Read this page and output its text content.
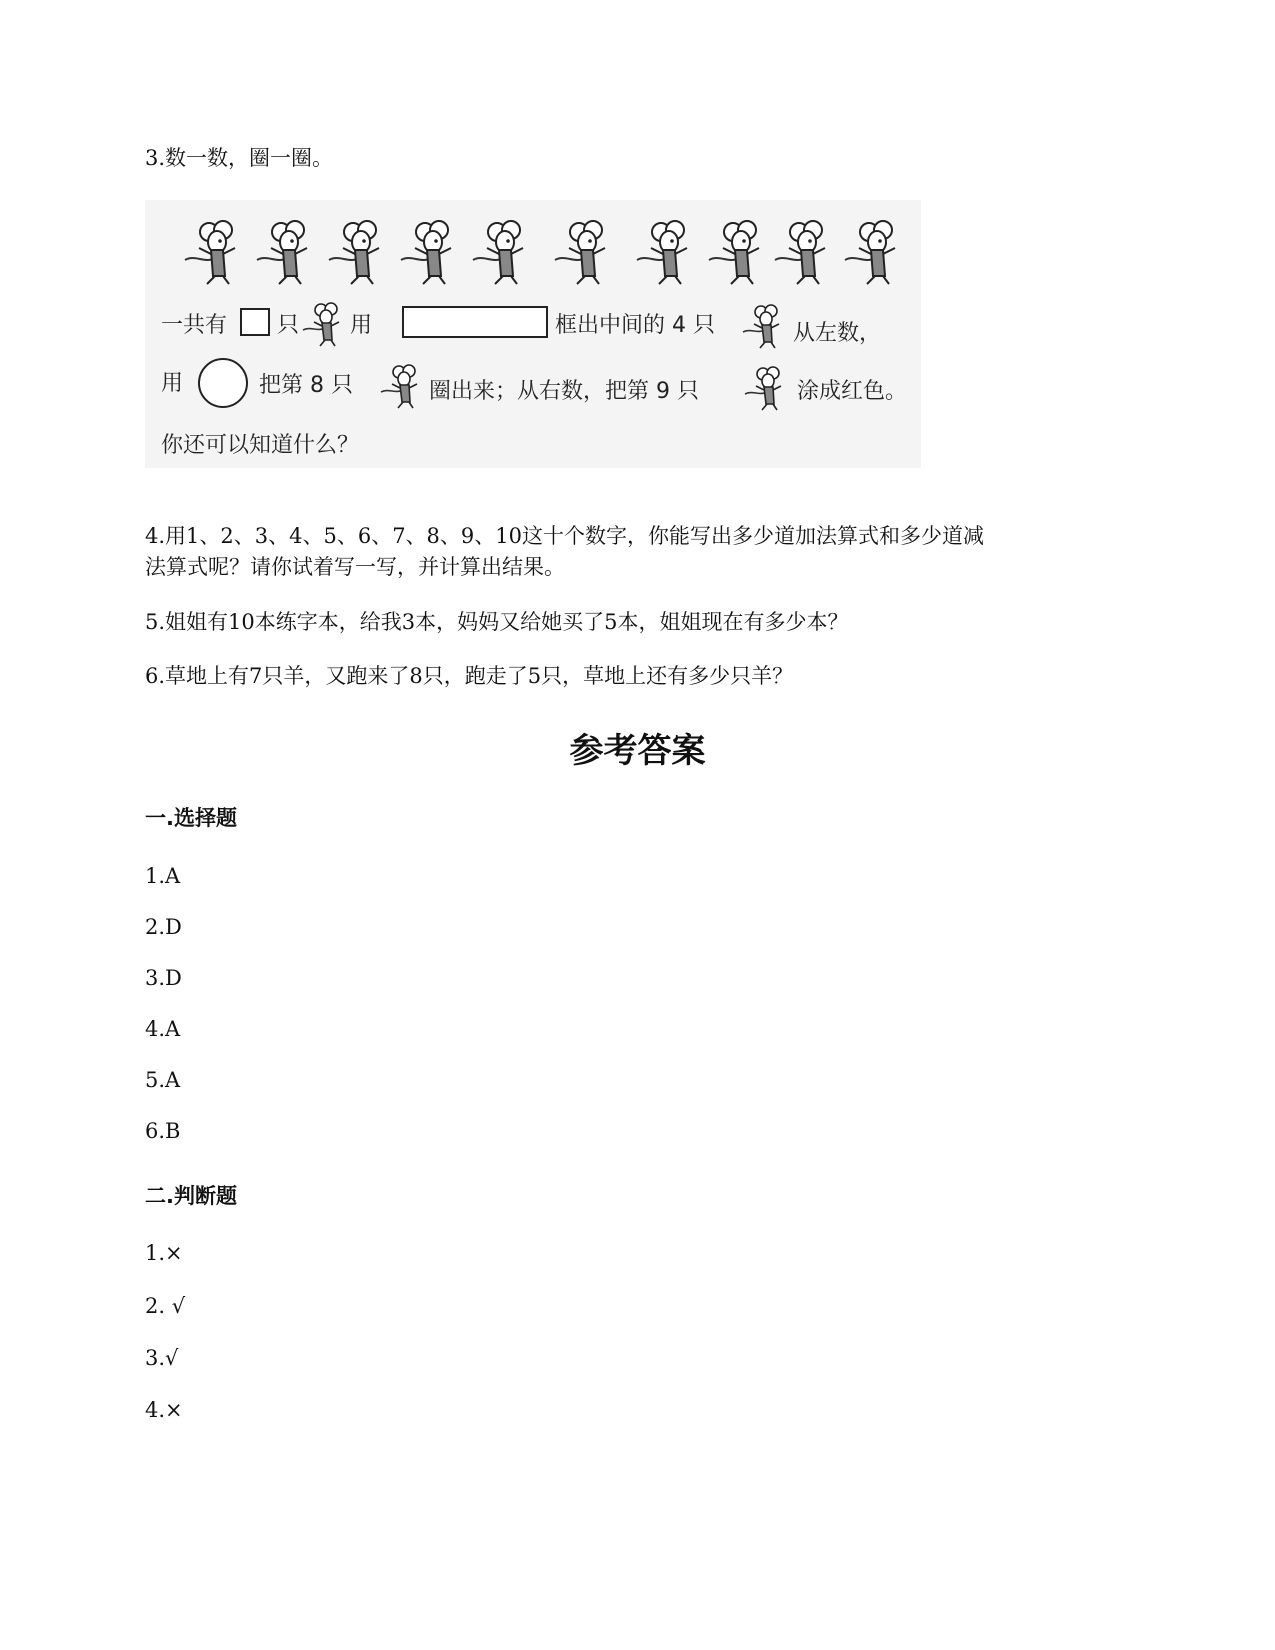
3.数一数，圈一圈。
一共有 只 用	框出中间的 4 只	从左数，
用	把第 8 只	圈出来；从右数，把第 9 只	涂成红色。
你还可以知道什么？
4.用1、2、3、4、5、6、7、8、9、10这十个数字，你能写出多少道加法算式和多少道减
法算式呢？请你试着写一写，并计算出结果。
5.姐姐有10本练字本，给我3本，妈妈又给她买了5本，姐姐现在有多少本？
6.草地上有7只羊，又跑来了8只，跑走了5只，草地上还有多少只羊？
参考答案
一.选择题
1.A
2.D
3.D
4.A
5.A
6.B
二.判断题
1.×
2. √
3.√
4.×
